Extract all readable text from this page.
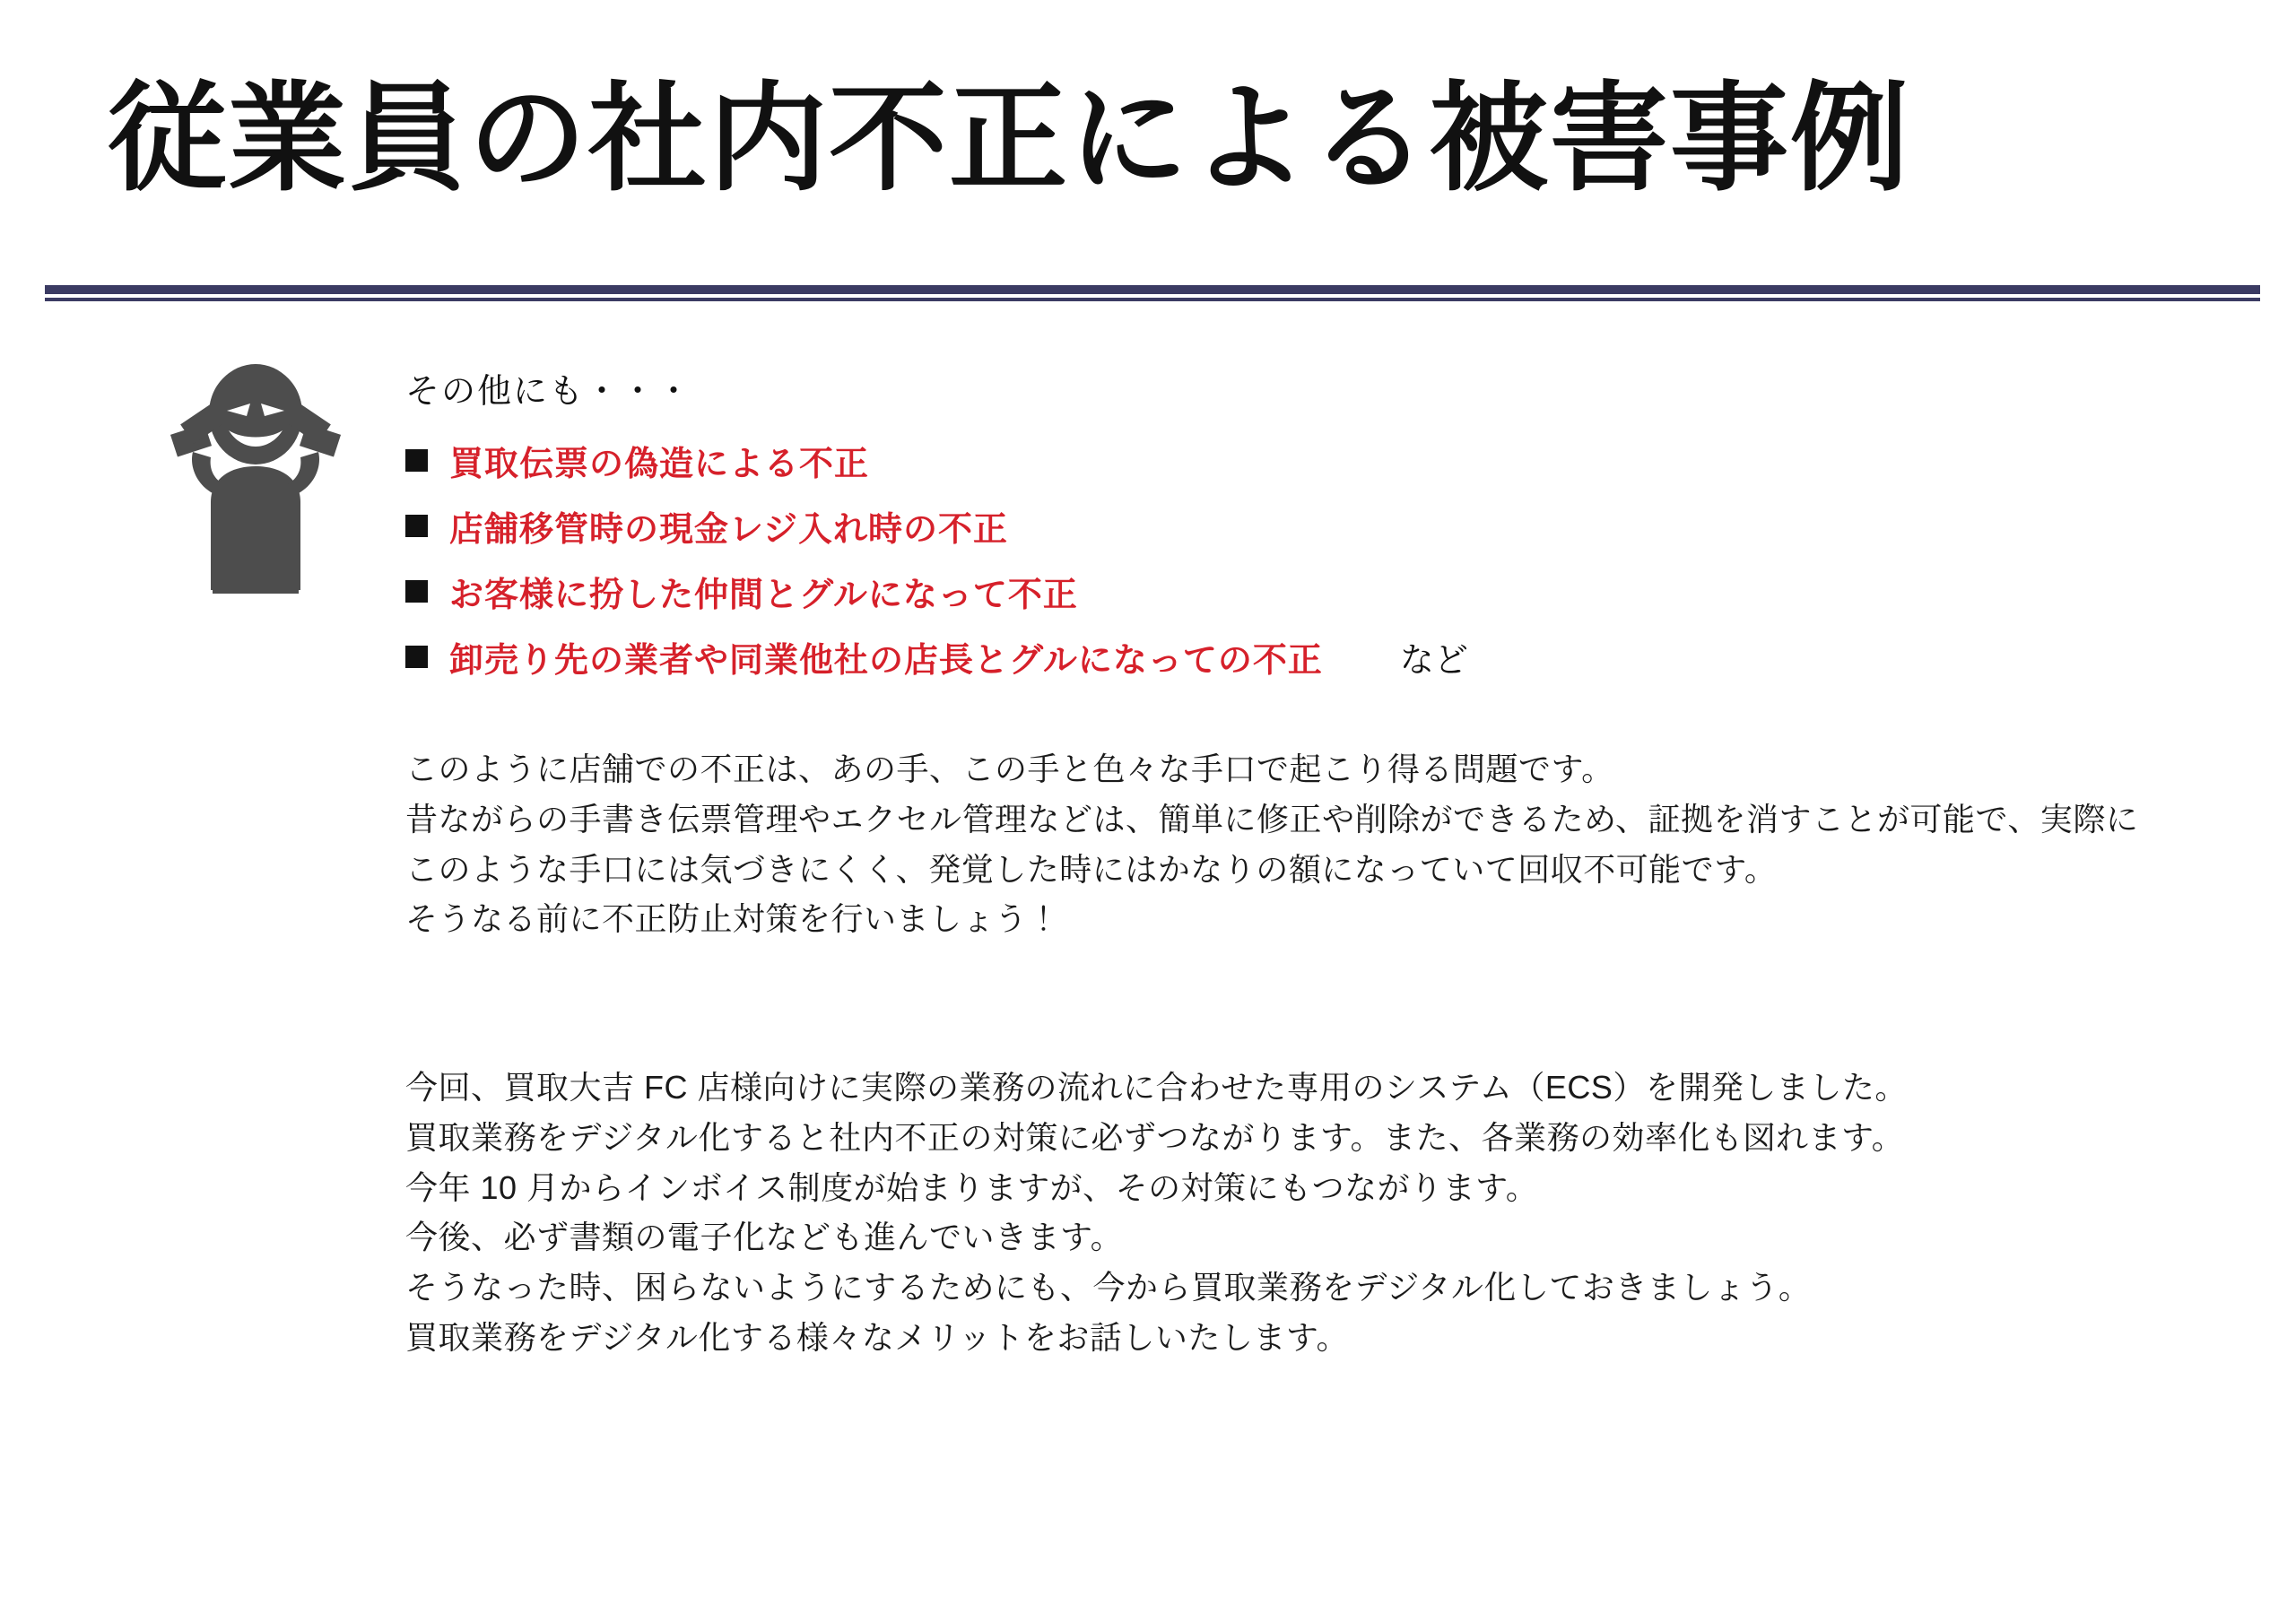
従業員の社内不正による被害事例
その他にも・・・
買取伝票の偽造による不正
店舗移管時の現金レジ入れ時の不正
お客様に扮した仲間とグルになって不正
卸売り先の業者や同業他社の店長とグルになっての不正 など
このように店舗での不正は、あの手、この手と色々な手口で起こり得る問題です。
昔ながらの手書き伝票管理やエクセル管理などは、簡単に修正や削除ができるため、証拠を消すことが可能で、実際にこのような手口には気づきにくく、発覚した時にはかなりの額になっていて回収不可能です。
そうなる前に不正防止対策を行いましょう！
今回、買取大吉 FC 店様向けに実際の業務の流れに合わせた専用のシステム（ECS）を開発しました。
買取業務をデジタル化すると社内不正の対策に必ずつながります。また、各業務の効率化も図れます。
今年 10 月からインボイス制度が始まりますが、その対策にもつながります。
今後、必ず書類の電子化なども進んでいきます。
そうなった時、困らないようにするためにも、今から買取業務をデジタル化しておきましょう。
買取業務をデジタル化する様々なメリットをお話しいたします。
